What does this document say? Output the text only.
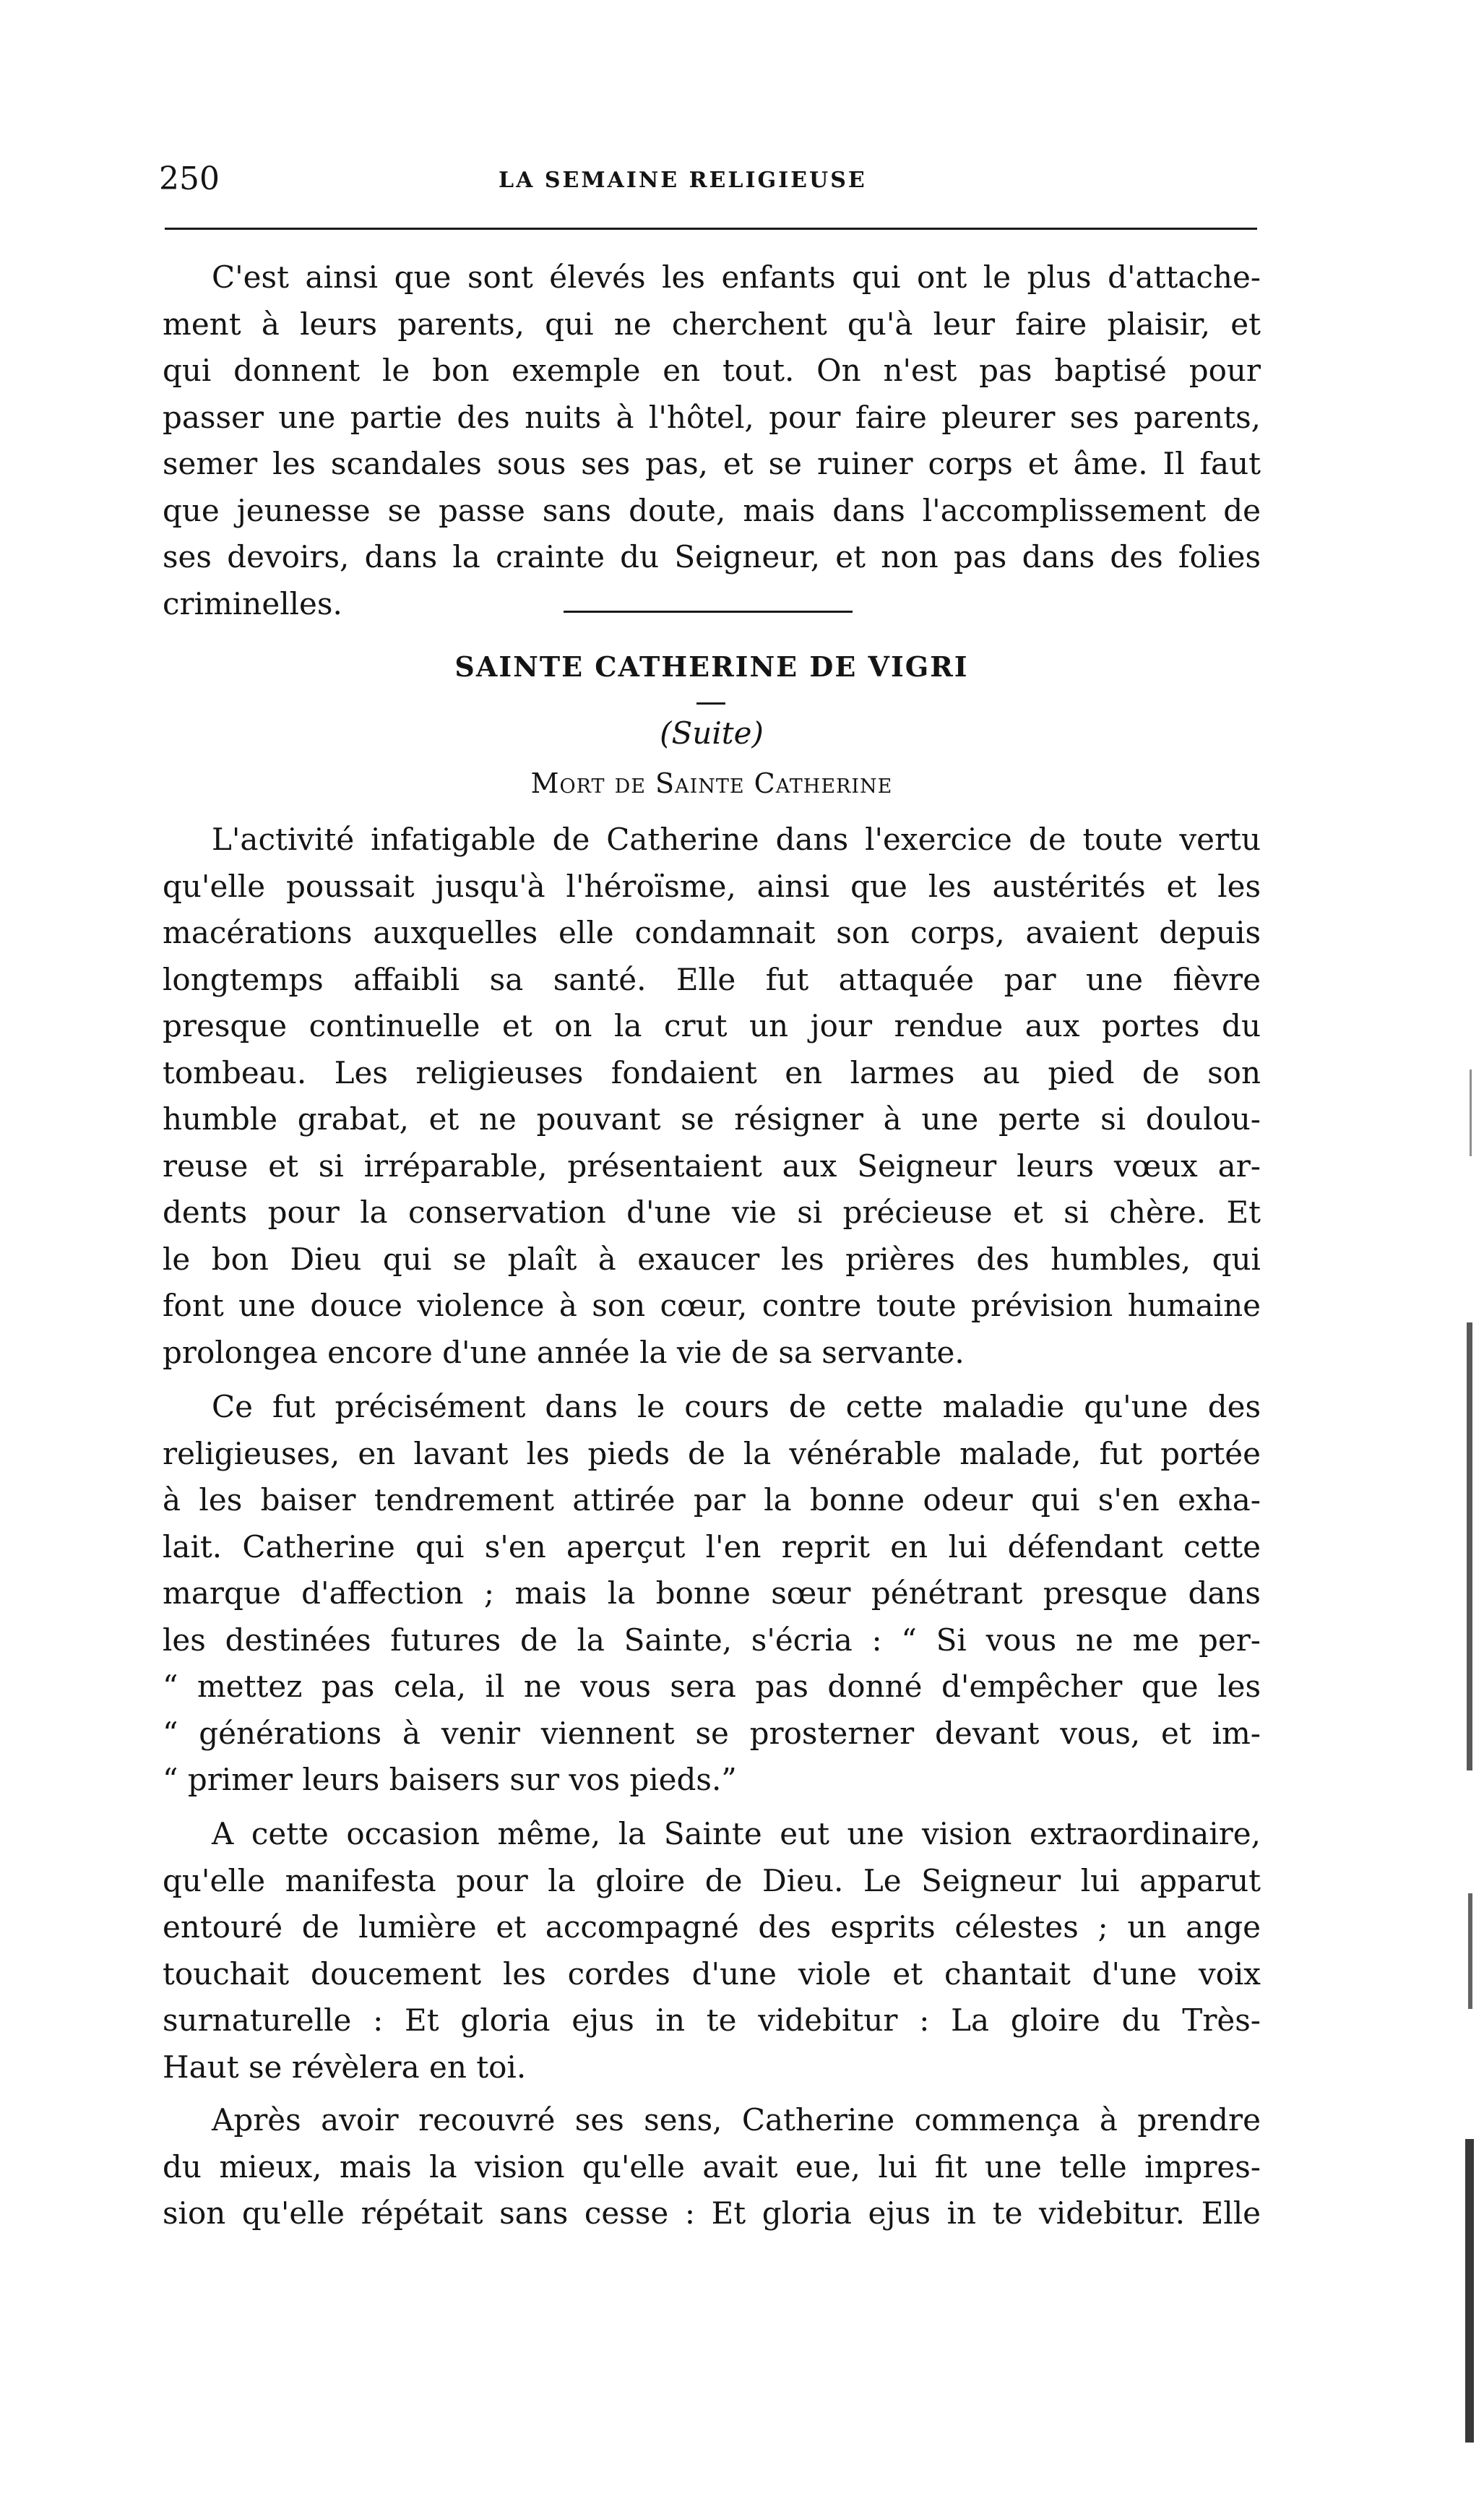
250	LA SEMAINE RELIGIEUSE
C'est ainsi que sont élevés les enfants qui ont le plus d'attache-
ment à leurs parents, qui ne cherchent qu'à leur faire plaisir, et
qui donnent le bon exemple en tout. On n'est pas baptisé pour
passer une partie des nuits à l'hôtel, pour faire pleurer ses parents,
semer les scandales sous ses pas, et se ruiner corps et âme. Il faut
que jeunesse se passe sans doute, mais dans l'accomplissement de
ses devoirs, dans la crainte du Seigneur, et non pas dans des folies
criminelles.
SAINTE CATHERINE DE VIGRI
(Suite)
Mort de Sainte Catherine
L'activité infatigable de Catherine dans l'exercice de toute vertu
qu'elle poussait jusqu'à l'héroïsme, ainsi que les austérités et les
macérations auxquelles elle condamnait son corps, avaient depuis
longtemps affaibli sa santé. Elle fut attaquée par une fièvre
presque continuelle et on la crut un jour rendue aux portes du
tombeau. Les religieuses fondaient en larmes au pied de son
humble grabat, et ne pouvant se résigner à une perte si doulou-
reuse et si irréparable, présentaient aux Seigneur leurs vœux ar-
dents pour la conservation d'une vie si précieuse et si chère. Et
le bon Dieu qui se plaît à exaucer les prières des humbles, qui
font une douce violence à son cœur, contre toute prévision humaine
prolongea encore d'une année la vie de sa servante.
Ce fut précisément dans le cours de cette maladie qu'une des
religieuses, en lavant les pieds de la vénérable malade, fut portée
à les baiser tendrement attirée par la bonne odeur qui s'en exha-
lait. Catherine qui s'en aperçut l'en reprit en lui défendant cette
marque d'affection ; mais la bonne sœur pénétrant presque dans
les destinées futures de la Sainte, s'écria : “ Si vous ne me per-
“ mettez pas cela, il ne vous sera pas donné d'empêcher que les
“ générations à venir viennent se prosterner devant vous, et im-
“ primer leurs baisers sur vos pieds.”
A cette occasion même, la Sainte eut une vision extraordinaire,
qu'elle manifesta pour la gloire de Dieu. Le Seigneur lui apparut
entouré de lumière et accompagné des esprits célestes ; un ange
touchait doucement les cordes d'une viole et chantait d'une voix
surnaturelle : Et gloria ejus in te videbitur : La gloire du Très-
Haut se révèlera en toi.
Après avoir recouvré ses sens, Catherine commença à prendre
du mieux, mais la vision qu'elle avait eue, lui fit une telle impres-
sion qu'elle répétait sans cesse : Et gloria ejus in te videbitur. Elle
